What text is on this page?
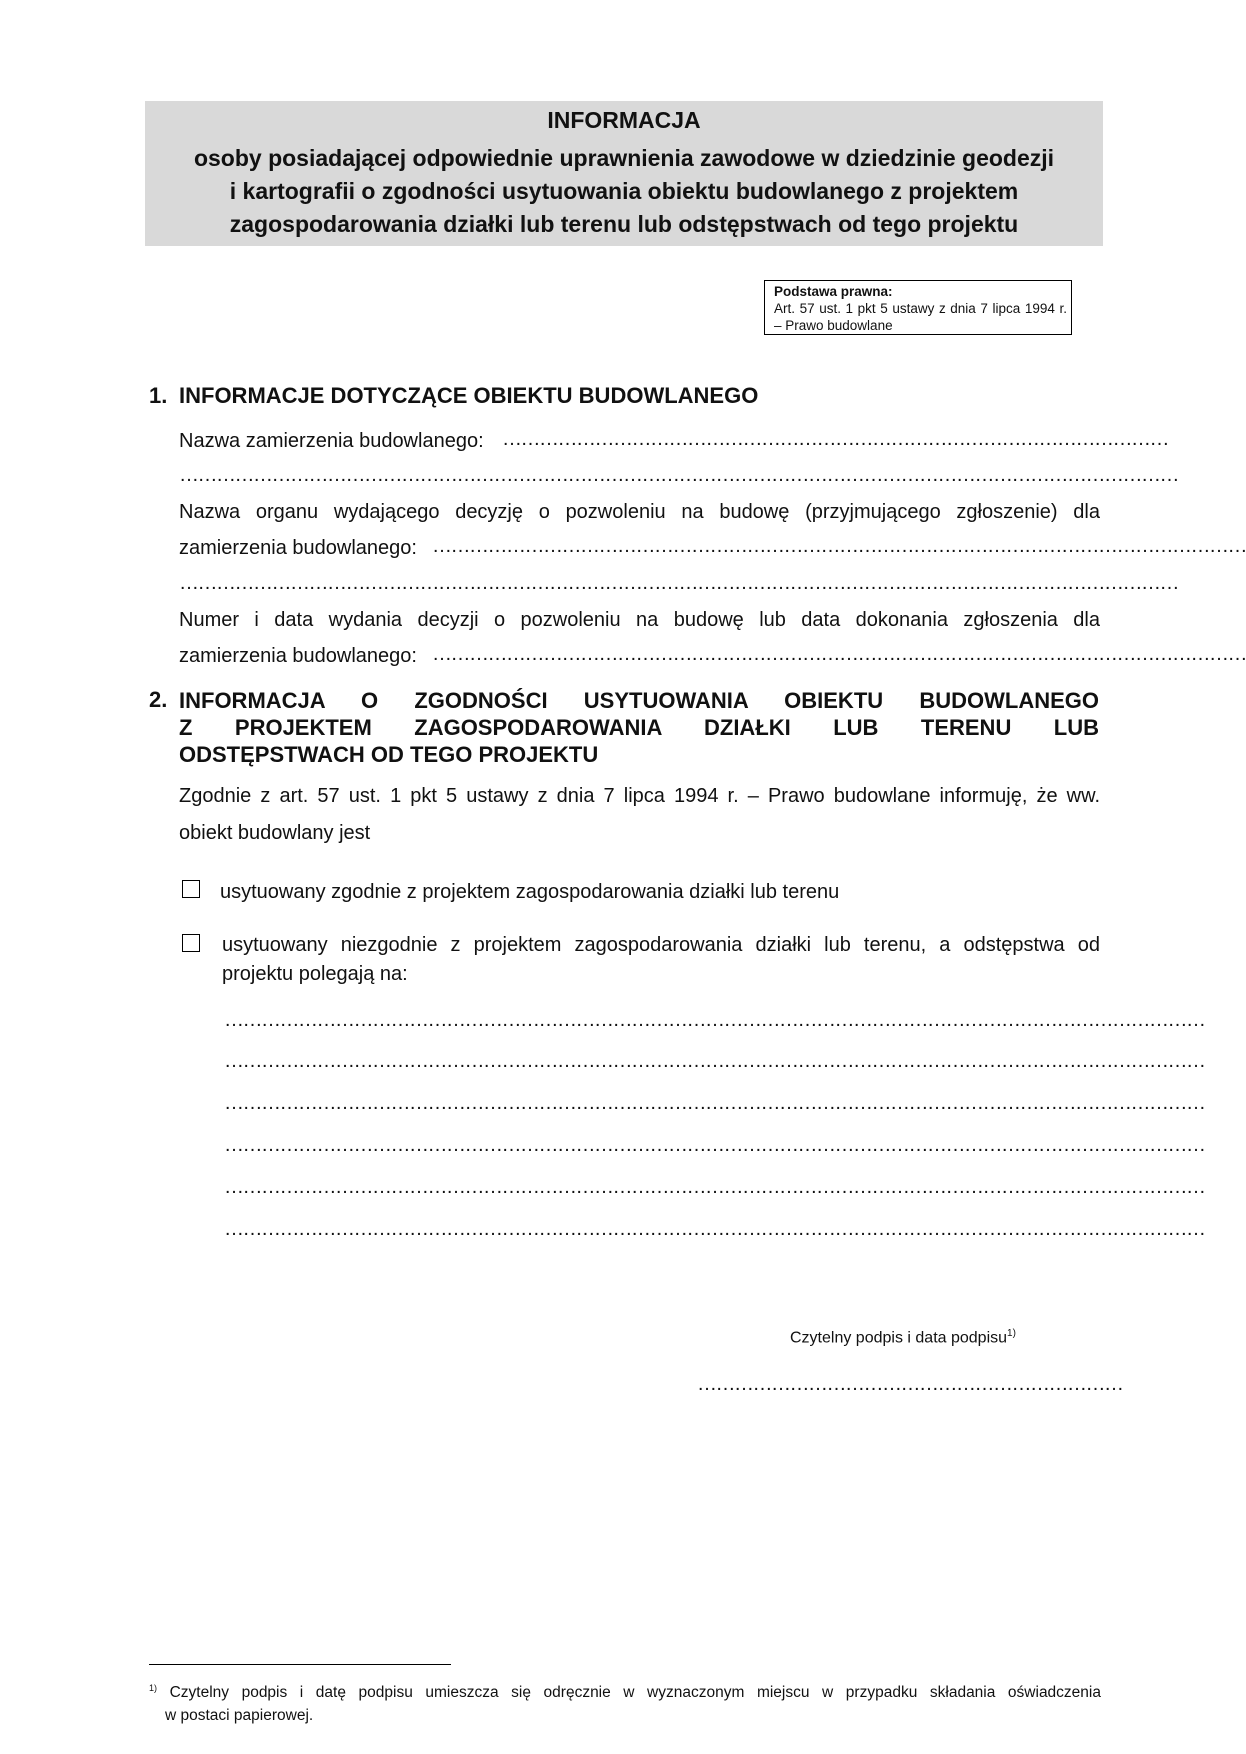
INFORMACJA
osoby posiadającej odpowiednie uprawnienia zawodowe w dziedzinie geodezji
i kartografii o zgodności usytuowania obiektu budowlanego z projektem
zagospodarowania działki lub terenu lub odstępstwach od tego projektu
Podstawa prawna:
Art. 57 ust. 1 pkt 5 ustawy z dnia 7 lipca 1994 r. – Prawo budowlane
1. INFORMACJE DOTYCZĄCE OBIEKTU BUDOWLANEGO
Nazwa zamierzenia budowlanego: ………………………………………………………………………………………………
………………………………………………………………………………………………………………………………………………
Nazwa organu wydającego decyzję o pozwoleniu na budowę (przyjmującego zgłoszenie) dla
zamierzenia budowlanego: ……………………………………………………………………………………………………………………
………………………………………………………………………………………………………………………………………………
Numer i data wydania decyzji o pozwoleniu na budowę lub data dokonania zgłoszenia dla
zamierzenia budowlanego: ……………………………………………………………………………………………………………………
2. INFORMACJA O ZGODNOŚCI USYTUOWANIA OBIEKTU BUDOWLANEGO
Z PROJEKTEM ZAGOSPODAROWANIA DZIAŁKI LUB TERENU LUB
ODSTĘPSTWACH OD TEGO PROJEKTU
Zgodnie z art. 57 ust. 1 pkt 5 ustawy z dnia 7 lipca 1994 r. – Prawo budowlane informuję, że ww.
obiekt budowlany jest
usytuowany zgodnie z projektem zagospodarowania działki lub terenu
usytuowany niezgodnie z projektem zagospodarowania działki lub terenu, a odstępstwa od
projektu polegają na:
……………………………………………………………………………………………………………………………………………
……………………………………………………………………………………………………………………………………………
……………………………………………………………………………………………………………………………………………
……………………………………………………………………………………………………………………………………………
……………………………………………………………………………………………………………………………………………
……………………………………………………………………………………………………………………………………………
Czytelny podpis i data podpisu$^{1)}$
……………………………………………………………
$^{1)}$ Czytelny podpis i datę podpisu umieszcza się odręcznie w wyznaczonym miejscu w przypadku składania oświadczenia
w postaci papierowej.
